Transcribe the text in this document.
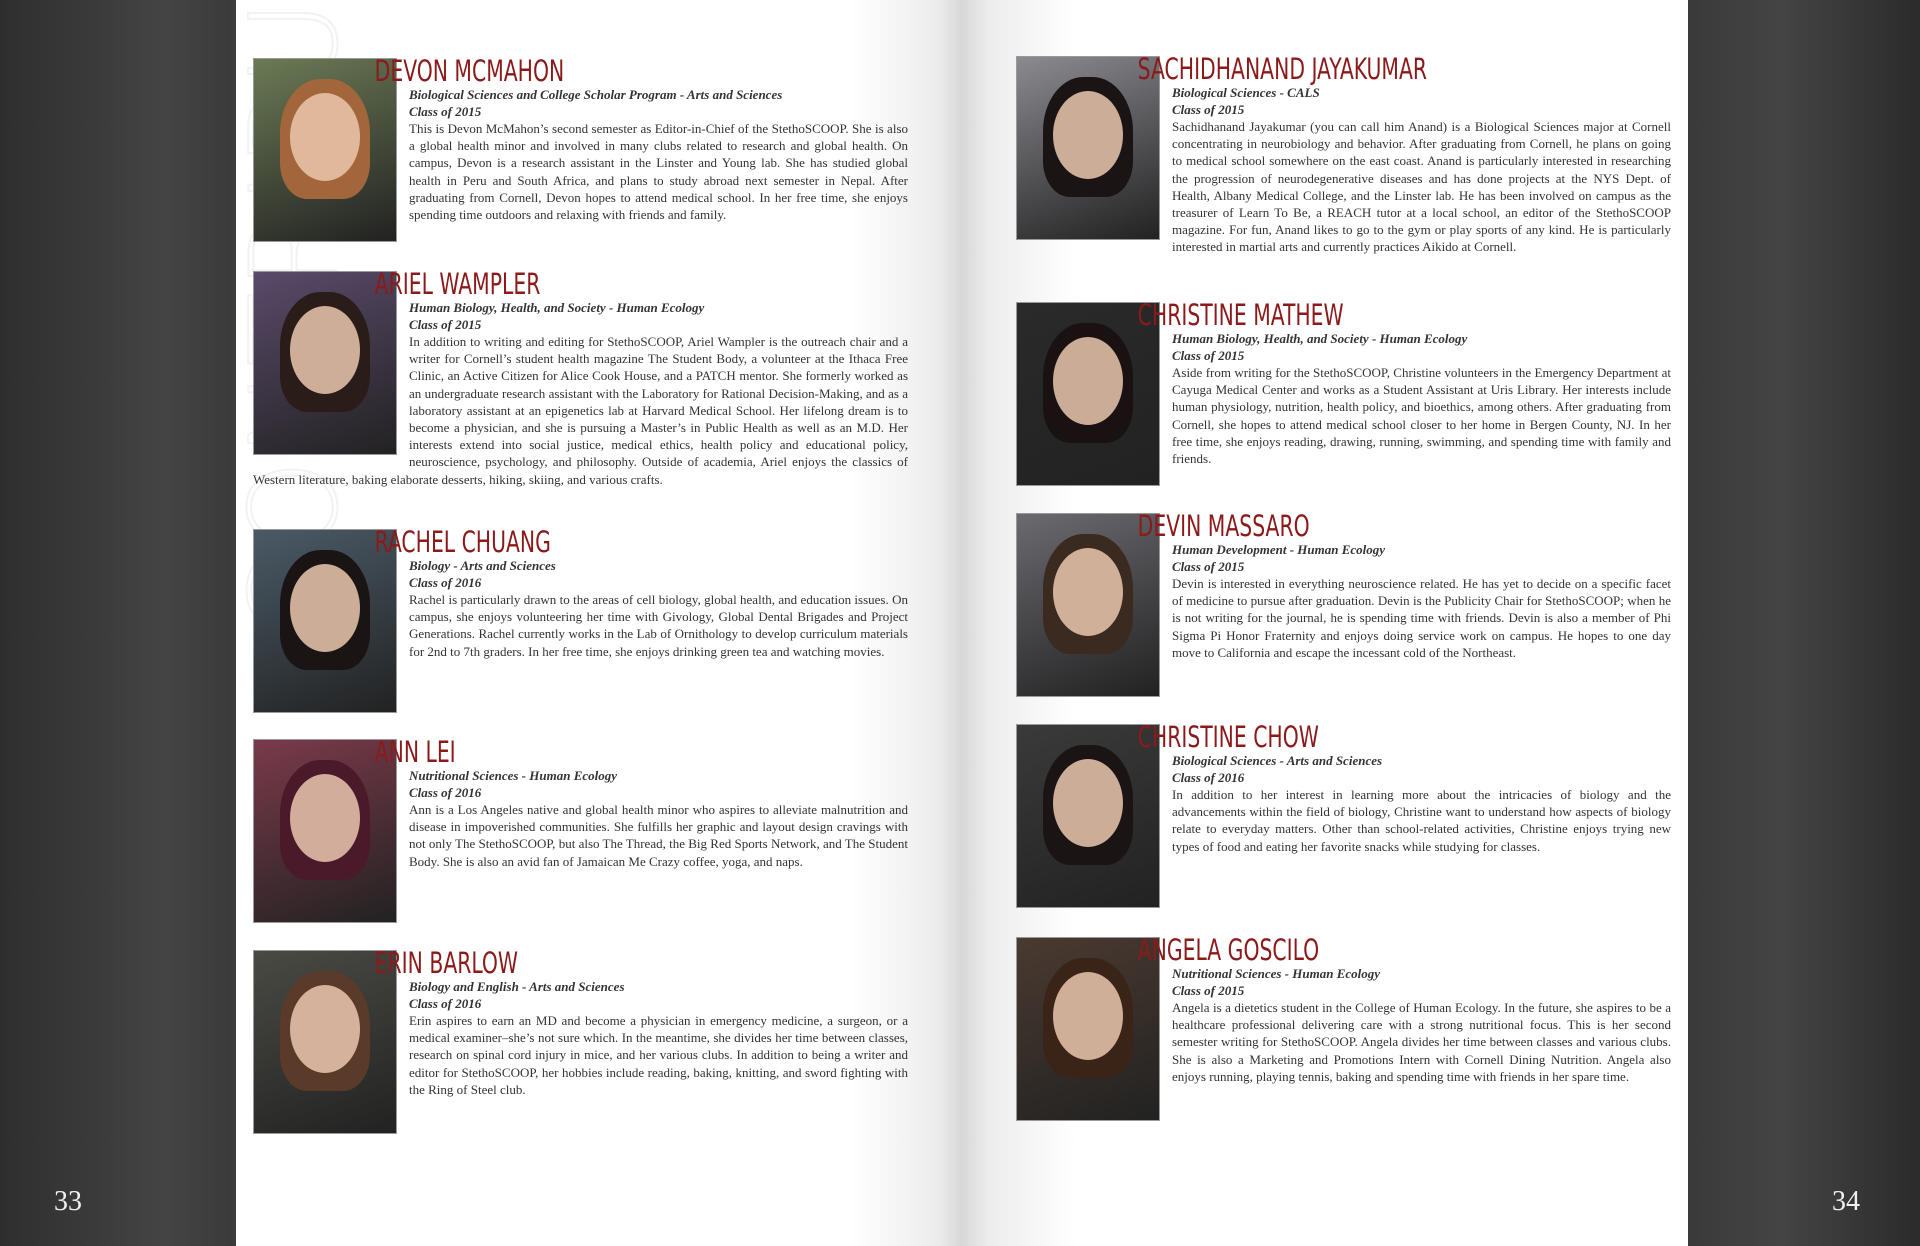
33	34
DEVON MCMAHON
Biological Sciences and College Scholar Program - Arts and Sciences
Class of 2015
This is Devon McMahon’s second semester as Editor-in-Chief of the StethoSCOOP. She is also a global health minor and involved in many clubs related to research and global health. On campus, Devon is a research assistant in the Linster and Young lab. She has studied global health in Peru and South Africa, and plans to study abroad next semester in Nepal. After graduating from Cornell, Devon hopes to attend medical school. In her free time, she enjoys spending time outdoors and relaxing with friends and family.
ARIEL WAMPLER
Human Biology, Health, and Society - Human Ecology
Class of 2015
In addition to writing and editing for StethoSCOOP, Ariel Wampler is the outreach chair and a writer for Cornell’s student health magazine The Student Body, a volunteer at the Ithaca Free Clinic, an Active Citizen for Alice Cook House, and a PATCH mentor. She formerly worked as an undergraduate research assistant with the Laboratory for Rational Decision-Making, and as a laboratory assistant at an epigenetics lab at Harvard Medical School. Her lifelong dream is to become a physician, and she is pursuing a Master’s in Public Health as well as an M.D. Her interests extend into social justice, medical ethics, health policy and educational policy, neuroscience, psychology, and philosophy. Outside of academia, Ariel enjoys the classics of Western literature, baking elaborate desserts, hiking, skiing, and various crafts.
RACHEL CHUANG
Biology - Arts and Sciences
Class of 2016
Rachel is particularly drawn to the areas of cell biology, global health, and education issues. On campus, she enjoys volunteering her time with Givology, Global Dental Brigades and Project Generations. Rachel currently works in the Lab of Ornithology to develop curriculum materials for 2nd to 7th graders. In her free time, she enjoys drinking green tea and watching movies.
ANN LEI
Nutritional Sciences - Human Ecology
Class of 2016
Ann is a Los Angeles native and global health minor who aspires to alleviate malnutrition and disease in impoverished communities. She fulfills her graphic and layout design cravings with not only The StethoSCOOP, but also The Thread, the Big Red Sports Network, and The Student Body. She is also an avid fan of Jamaican Me Crazy coffee, yoga, and naps.
ERIN BARLOW
Biology and English - Arts and Sciences
Class of 2016
Erin aspires to earn an MD and become a physician in emergency medicine, a surgeon, or a medical examiner–she’s not sure which. In the meantime, she divides her time between classes, research on spinal cord injury in mice, and her various clubs. In addition to being a writer and editor for StethoSCOOP, her hobbies include reading, baking, knitting, and sword fighting with the Ring of Steel club.
SACHIDHANAND JAYAKUMAR
Biological Sciences - CALS
Class of 2015
Sachidhanand Jayakumar (you can call him Anand) is a Biological Sciences major at Cornell concentrating in neurobiology and behavior. After graduating from Cornell, he plans on going to medical school somewhere on the east coast. Anand is particularly interested in researching the progression of neurodegenerative diseases and has done projects at the NYS Dept. of Health, Albany Medical College, and the Linster lab. He has been involved on campus as the treasurer of Learn To Be, a REACH tutor at a local school, an editor of the StethoSCOOP magazine. For fun, Anand likes to go to the gym or play sports of any kind. He is particularly interested in martial arts and currently practices Aikido at Cornell.
CHRISTINE MATHEW
Human Biology, Health, and Society - Human Ecology
Class of 2015
Aside from writing for the StethoSCOOP, Christine volunteers in the Emergency Department at Cayuga Medical Center and works as a Student Assistant at Uris Library. Her interests include human physiology, nutrition, health policy, and bioethics, among others. After graduating from Cornell, she hopes to attend medical school closer to her home in Bergen County, NJ. In her free time, she enjoys reading, drawing, running, swimming, and spending time with family and friends.
DEVIN MASSARO
Human Development - Human Ecology
Class of 2015
Devin is interested in everything neuroscience related. He has yet to decide on a specific facet of medicine to pursue after graduation. Devin is the Publicity Chair for StethoSCOOP; when he is not writing for the journal, he is spending time with friends. Devin is also a member of Phi Sigma Pi Honor Fraternity and enjoys doing service work on campus. He hopes to one day move to California and escape the incessant cold of the Northeast.
CHRISTINE CHOW
Biological Sciences - Arts and Sciences
Class of 2016
In addition to her interest in learning more about the intricacies of biology and the advancements within the field of biology, Christine want to understand how aspects of biology relate to everyday matters. Other than school-related activities, Christine enjoys trying new types of food and eating her favorite snacks while studying for classes.
ANGELA GOSCILO
Nutritional Sciences - Human Ecology
Class of 2015
Angela is a dietetics student in the College of Human Ecology. In the future, she aspires to be a healthcare professional delivering care with a strong nutritional focus. This is her second semester writing for StethoSCOOP. Angela divides her time between classes and various clubs. She is also a Marketing and Promotions Intern with Cornell Dining Nutrition. Angela also enjoys running, playing tennis, baking and spending time with friends in her spare time.
